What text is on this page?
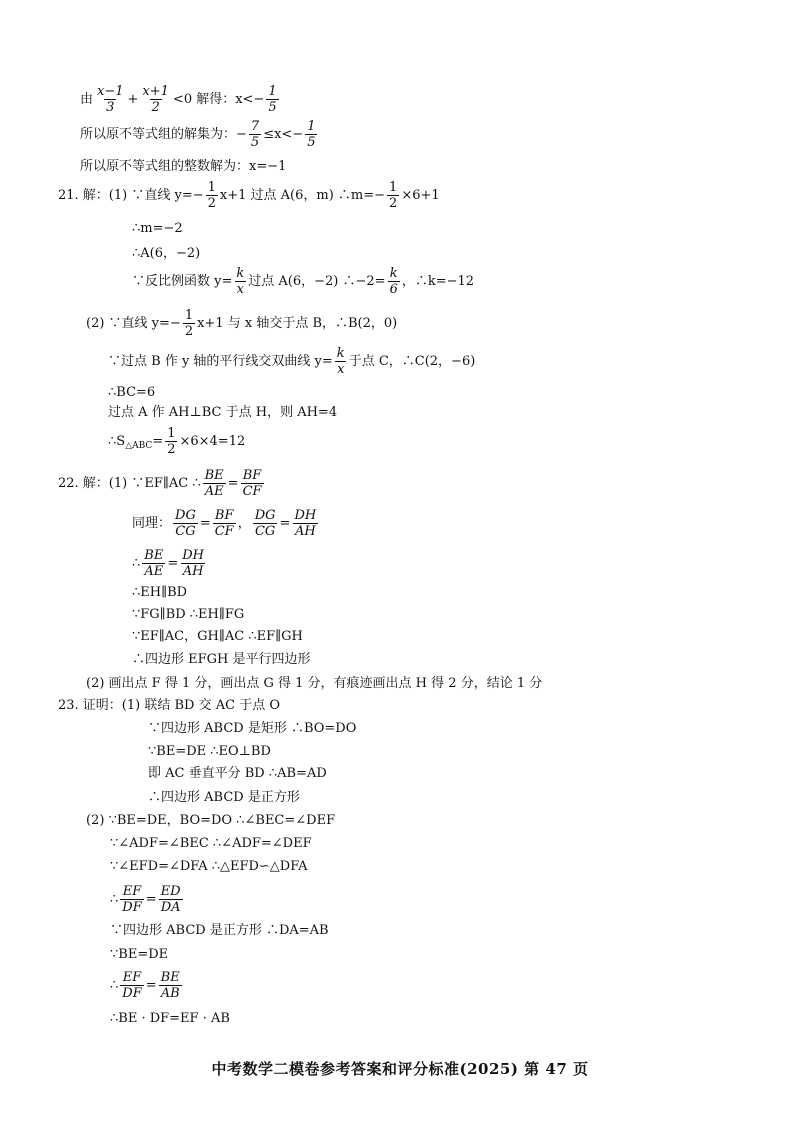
由 $\frac{x-1}{3} + \frac{x+1}{2} <0$ 解得：$x<- \frac{1}{5}$
所以原不等式组的解集为：− $\frac{7}{5} \le x<- \frac{1}{5}$
所以原不等式组的整数解为：x=−1
21. 解：(1) ∵直线 $y=- \frac{1}{2} x+1$ 过点 A(6，m) ∴m=− $\frac{1}{2} \times 6+1$
∴m=−2
∴A(6，−2)
∵反比例函数 $y= \frac{k}{x}$ 过点 A(6，−2) ∴−2= $\frac{k}{6}$ ，∴k=−12
(2) ∵直线 $y=- \frac{1}{2} x+1$ 与 x 轴交于点 B，∴B(2，0)
∵过点 B 作 y 轴的平行线交双曲线 $y= \frac{k}{x}$ 于点 C，∴C(2，−6)
∴BC=6
过点 A 作 AH⊥BC 于点 H，则 AH=4
$\therefore S_{\triangle ABC}= \frac{1}{2} \times 6\times 4=12$
22. 解：(1) ∵EF∥AC ∴ $\frac{BE}{AE} = \frac{BF}{CF}$
同理： $\frac{DG}{CG} = \frac{BF}{CF}$ ， $\frac{DG}{CG} = \frac{DH}{AH}$
∴ $\frac{BE}{AE} = \frac{DH}{AH}$
∴EH∥BD
∵FG∥BD ∴EH∥FG
∵EF∥AC，GH∥AC ∴EF∥GH
∴四边形 EFGH 是平行四边形
(2) 画出点 F 得 1 分，画出点 G 得 1 分，有痕迹画出点 H 得 2 分，结论 1 分
23. 证明：(1) 联结 BD 交 AC 于点 O
∵四边形 ABCD 是矩形 ∴BO=DO
∵BE=DE ∴EO⊥BD
即 AC 垂直平分 BD ∴AB=AD
∴四边形 ABCD 是正方形
(2) ∵BE=DE，BO=DO ∴∠BEC=∠DEF
∵∠ADF=∠BEC ∴∠ADF=∠DEF
∵∠EFD=∠DFA ∴△EFD∽△DFA
∴ $\frac{EF}{DF} = \frac{ED}{DA}$
∵四边形 ABCD 是正方形 ∴DA=AB
∵BE=DE
∴ $\frac{EF}{DF} = \frac{BE}{AB}$
∴BE · DF=EF · AB
中考数学二模卷参考答案和评分标准(2025) 第 47 页
